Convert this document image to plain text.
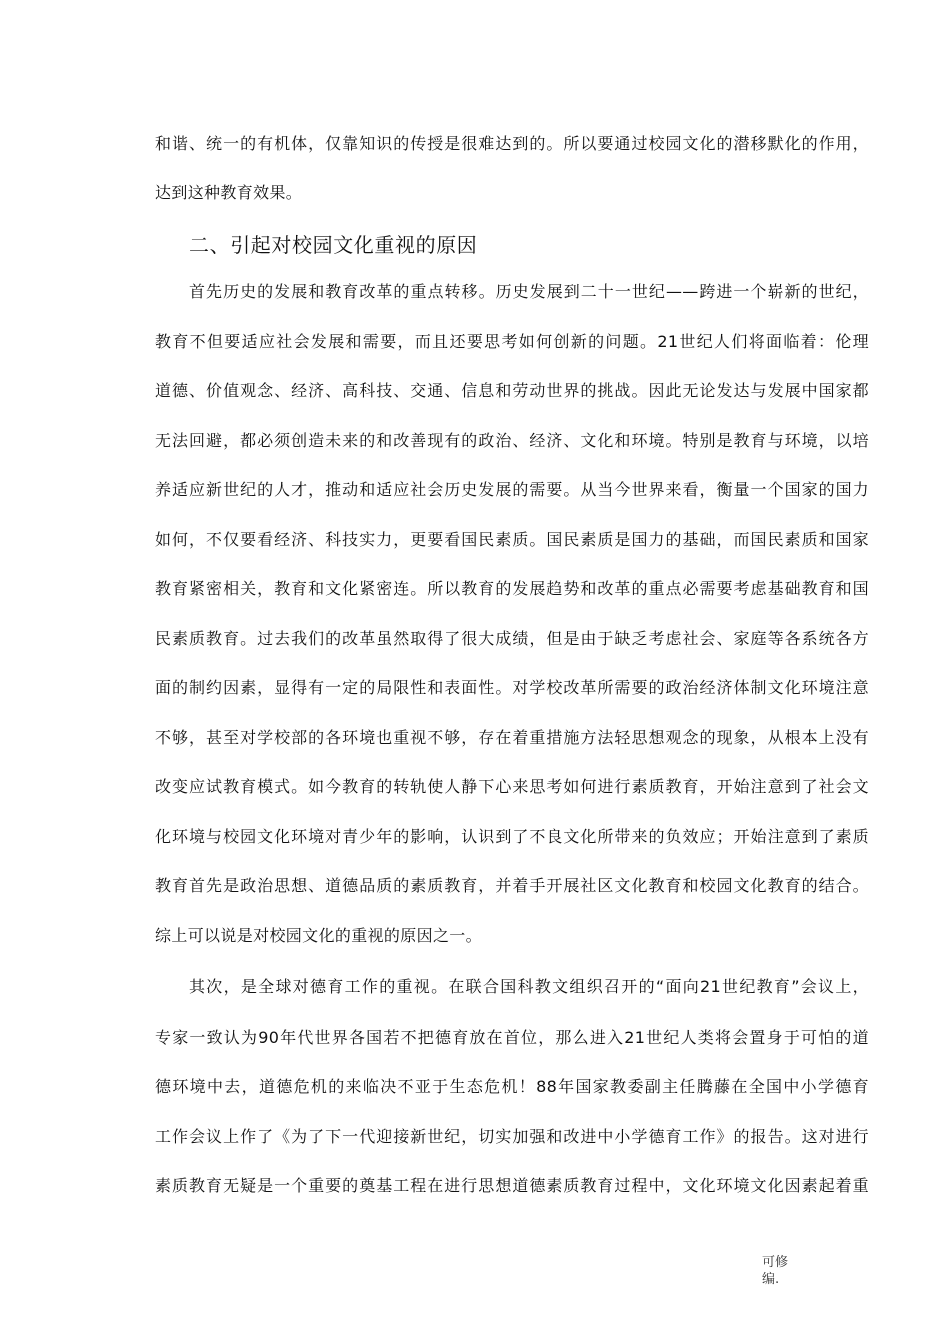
和谐、统一的有机体，仅靠知识的传授是很难达到的。所以要通过校园文化的潜移默化的作用，
达到这种教育效果。
二、引起对校园文化重视的原因
首先历史的发展和教育改革的重点转移。历史发展到二十一世纪——跨进一个崭新的世纪，
教育不但要适应社会发展和需要，而且还要思考如何创新的问题。21世纪人们将面临着：伦理
道德、价值观念、经济、高科技、交通、信息和劳动世界的挑战。因此无论发达与发展中国家都
无法回避，都必须创造未来的和改善现有的政治、经济、文化和环境。特别是教育与环境，以培
养适应新世纪的人才，推动和适应社会历史发展的需要。从当今世界来看，衡量一个国家的国力
如何，不仅要看经济、科技实力，更要看国民素质。国民素质是国力的基础，而国民素质和国家
教育紧密相关，教育和文化紧密连。所以教育的发展趋势和改革的重点必需要考虑基础教育和国
民素质教育。过去我们的改革虽然取得了很大成绩，但是由于缺乏考虑社会、家庭等各系统各方
面的制约因素，显得有一定的局限性和表面性。对学校改革所需要的政治经济体制文化环境注意
不够，甚至对学校部的各环境也重视不够，存在着重措施方法轻思想观念的现象，从根本上没有
改变应试教育模式。如今教育的转轨使人静下心来思考如何进行素质教育，开始注意到了社会文
化环境与校园文化环境对青少年的影响，认识到了不良文化所带来的负效应；开始注意到了素质
教育首先是政治思想、道德品质的素质教育，并着手开展社区文化教育和校园文化教育的结合。
综上可以说是对校园文化的重视的原因之一。
其次，是全球对德育工作的重视。在联合国科教文组织召开的“面向21世纪教育”会议上，
专家一致认为90年代世界各国若不把德育放在首位，那么进入21世纪人类将会置身于可怕的道
德环境中去，道德危机的来临决不亚于生态危机！88年国家教委副主任腾藤在全国中小学德育
工作会议上作了《为了下一代迎接新世纪，切实加强和改进中小学德育工作》的报告。这对进行
素质教育无疑是一个重要的奠基工程在进行思想道德素质教育过程中，文化环境文化因素起着重
可修编.
